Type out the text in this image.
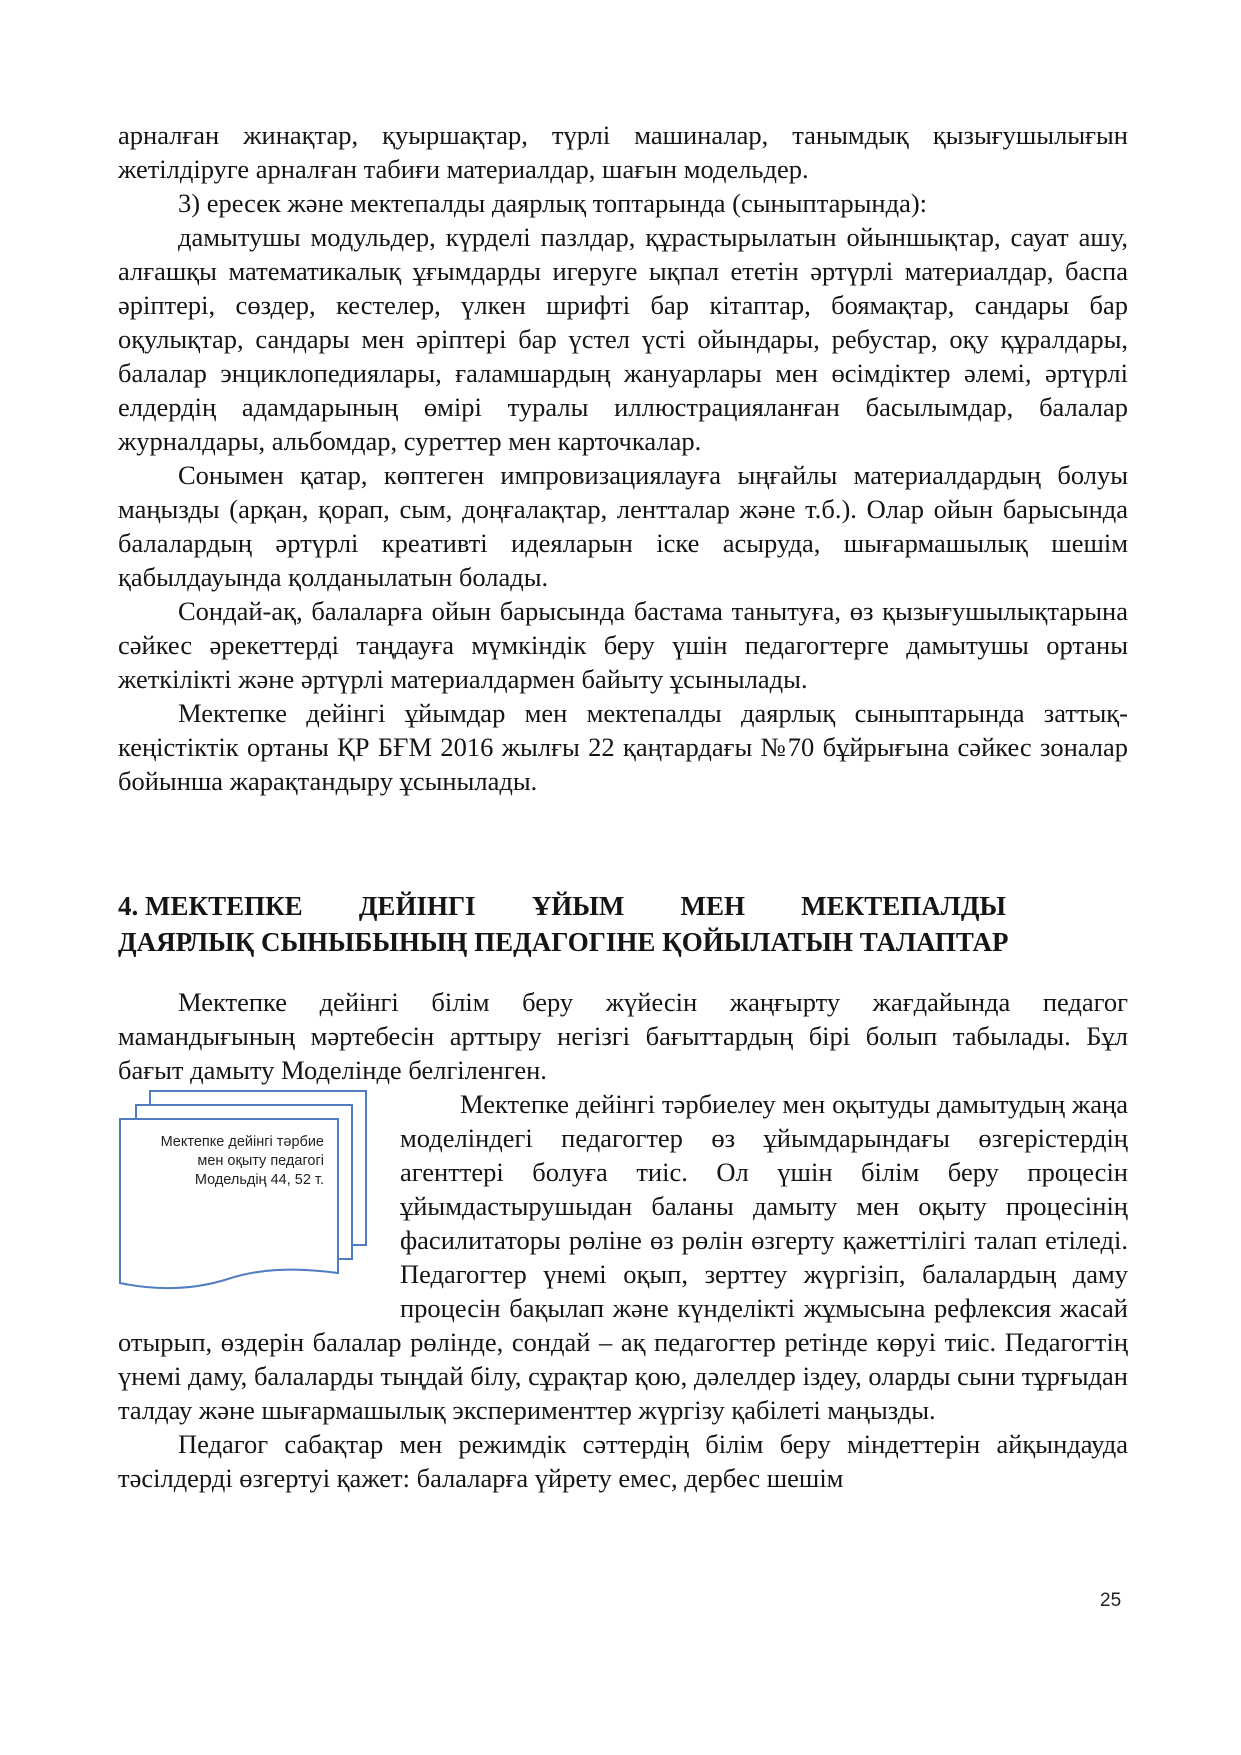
арналған жинақтар, қуыршақтар, түрлі машиналар, танымдық қызығушылығын жетілдіруге арналған табиғи материалдар, шағын модельдер.

3) ересек және мектепалды даярлық топтарында (сыныптарында):

дамытушы модульдер, күрделі пазлдар, құрастырылатын ойыншықтар, сауат ашу, алғашқы математикалық ұғымдарды игеруге ықпал ететін әртүрлі материалдар, баспа әріптері, сөздер, кестелер, үлкен шрифті бар кітаптар, боямақтар, сандары бар оқулықтар, сандары мен әріптері бар үстел үсті ойындары, ребустар, оқу құралдары, балалар энциклопедиялары, ғаламшардың жануарлары мен өсімдіктер әлемі, әртүрлі елдердің адамдарының өмірі туралы иллюстрацияланған басылымдар, балалар журналдары, альбомдар, суреттер мен карточкалар.

Сонымен қатар, көптеген импровизациялауға ыңғайлы материалдардың болуы маңызды (арқан, қорап, сым, доңғалақтар, лентталар және т.б.). Олар ойын барысында балалардың әртүрлі креативті идеяларын іске асыруда, шығармашылық шешім қабылдауында қолданылатын болады.

Сондай-ақ, балаларға ойын барысында бастама танытуға, өз қызығушылықтарына сәйкес әрекеттерді таңдауға мүмкіндік беру үшін педагогтерге дамытушы ортаны жеткілікті және әртүрлі материалдармен байыту ұсынылады.

Мектепке дейінгі ұйымдар мен мектепалды даярлық сыныптарында заттық-кеңістіктік ортаны ҚР БҒМ 2016 жылғы 22 қаңтардағы №70 бұйрығына сәйкес зоналар бойынша жарақтандыру ұсынылады.

4. МЕКТЕПКЕ ДЕЙІНГІ ҰЙЫМ МЕН МЕКТЕПАЛДЫ
ДАЯРЛЫҚ СЫНЫБЫНЫҢ ПЕДАГОГІНЕ ҚОЙЫЛАТЫН ТАЛАПТАР

Мектепке дейінгі білім беру жүйесін жаңғырту жағдайында педагог мамандығының мәртебесін арттыру негізгі бағыттардың бірі болып табылады. Бұл бағыт дамыту Моделінде белгіленген.

Мектепке дейінгі тәрбие мен оқыту педагогі Модельдің 44, 52 т.

Мектепке дейінгі тәрбиелеу мен оқытуды дамытудың жаңа моделіндегі педагогтер өз ұйымдарындағы өзгерістердің агенттері болуға тиіс. Ол үшін білім беру процесін ұйымдастырушыдан баланы дамыту мен оқыту процесінің фасилитаторы рөліне өз рөлін өзгерту қажеттілігі талап етіледі. Педагогтер үнемі оқып, зерттеу жүргізіп, балалардың даму процесін бақылап және күнделікті жұмысына рефлексия жасай отырып, өздерін балалар рөлінде, сондай – ақ педагогтер ретінде көруі тиіс. Педагогтің үнемі даму, балаларды тыңдай білу, сұрақтар қою, дәлелдер іздеу, оларды сыни тұрғыдан талдау және шығармашылық эксперименттер жүргізу қабілеті маңызды.

Педагог сабақтар мен режимдік сәттердің білім беру міндеттерін айқындауда тәсілдерді өзгертуі қажет: балаларға үйрету емес, дербес шешім

25
